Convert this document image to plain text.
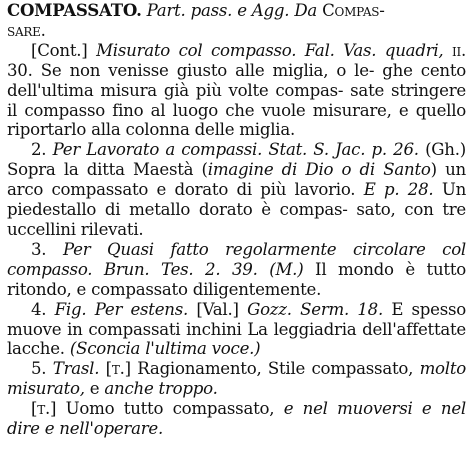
COMPASSATO. Part. pass. e Agg. Da Compas-
sare.

[Cont.] Misurato col compasso. Fal. Vas. quadri, ii. 30. Se non venisse giusto alle miglia, o le- ghe cento dell'ultima misura già più volte compas- sate stringere il compasso fino al luogo che vuole misurare, e quello riportarlo alla colonna delle miglia.

2. Per Lavorato a compassi. Stat. S. Jac. p. 26. (Gh.) Sopra la ditta Maestà (imagine di Dio o di Santo) un arco compassato e dorato di più lavorio. E p. 28. Un piedestallo di metallo dorato è compas- sato, con tre uccellini rilevati.

3. Per Quasi fatto regolarmente circolare col compasso. Brun. Tes. 2. 39. (M.) Il mondo è tutto ritondo, e compassato diligentemente.

4. Fig. Per estens. [Val.] Gozz. Serm. 18. E spesso muove in compassati inchini La leggiadria dell'affettate lacche. (Sconcia l'ultima voce.)

5. Trasl. [t.] Ragionamento, Stile compassato, molto misurato, e anche troppo.

[t.] Uomo tutto compassato, e nel muoversi e nel dire e nell'operare.
